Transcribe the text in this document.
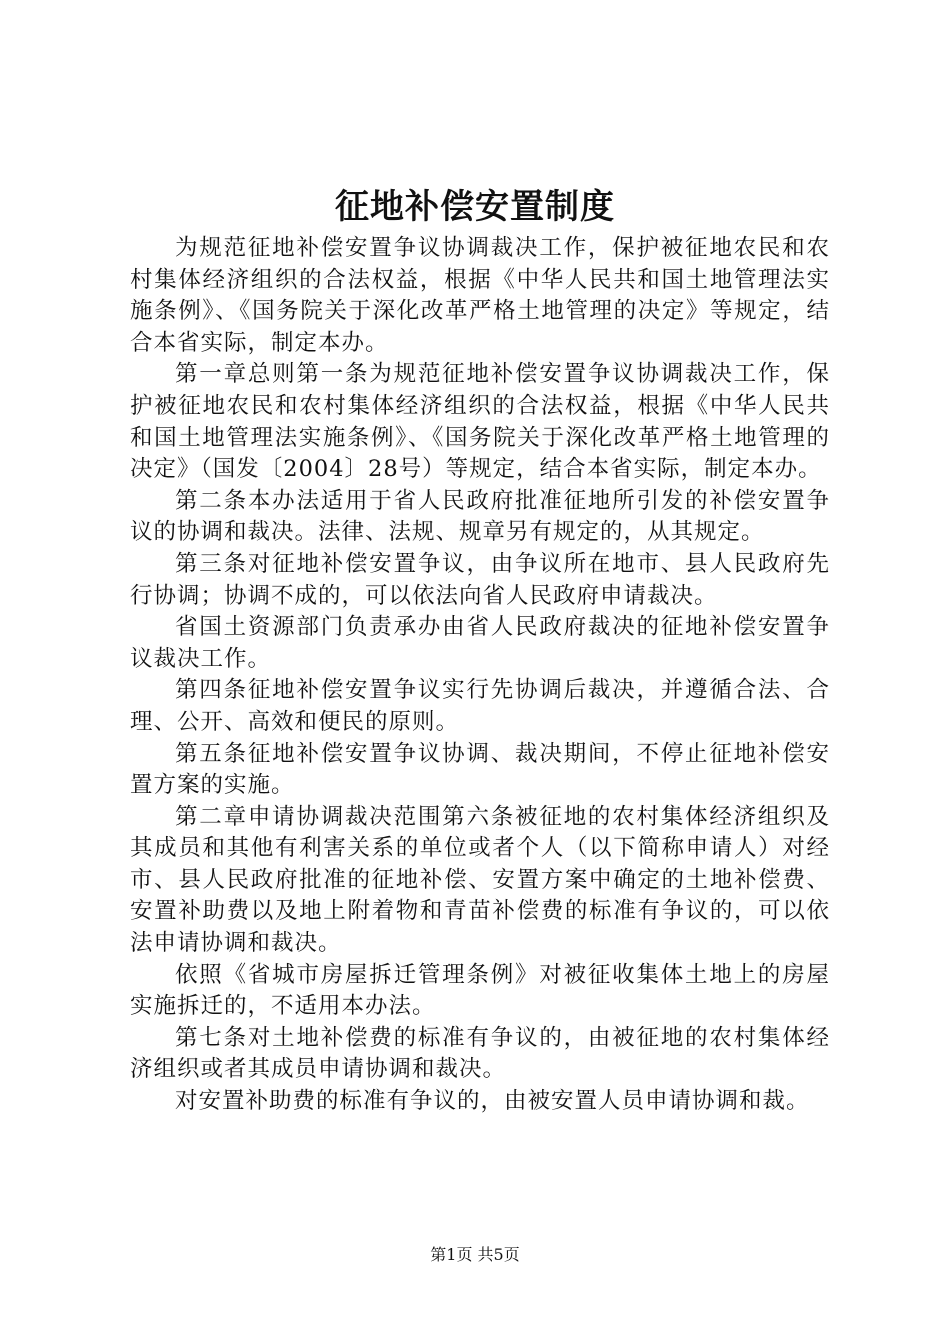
征地补偿安置制度

为规范征地补偿安置争议协调裁决工作，保护被征地农民和农村集体经济组织的合法权益，根据《中华人民共和国土地管理法实施条例》、《国务院关于深化改革严格土地管理的决定》等规定，结合本省实际，制定本办。

第一章总则第一条为规范征地补偿安置争议协调裁决工作，保护被征地农民和农村集体经济组织的合法权益，根据《中华人民共和国土地管理法实施条例》、《国务院关于深化改革严格土地管理的决定》（国发〔2004〕28号）等规定，结合本省实际，制定本办。

第二条本办法适用于省人民政府批准征地所引发的补偿安置争议的协调和裁决。法律、法规、规章另有规定的，从其规定。

第三条对征地补偿安置争议，由争议所在地市、县人民政府先行协调；协调不成的，可以依法向省人民政府申请裁决。

省国土资源部门负责承办由省人民政府裁决的征地补偿安置争议裁决工作。

第四条征地补偿安置争议实行先协调后裁决，并遵循合法、合理、公开、高效和便民的原则。

第五条征地补偿安置争议协调、裁决期间，不停止征地补偿安置方案的实施。

第二章申请协调裁决范围第六条被征地的农村集体经济组织及其成员和其他有利害关系的单位或者个人（以下简称申请人）对经市、县人民政府批准的征地补偿、安置方案中确定的土地补偿费、安置补助费以及地上附着物和青苗补偿费的标准有争议的，可以依法申请协调和裁决。

依照《省城市房屋拆迁管理条例》对被征收集体土地上的房屋实施拆迁的，不适用本办法。

第七条对土地补偿费的标准有争议的，由被征地的农村集体经济组织或者其成员申请协调和裁决。

对安置补助费的标准有争议的，由被安置人员申请协调和裁。

第1页 共5页
